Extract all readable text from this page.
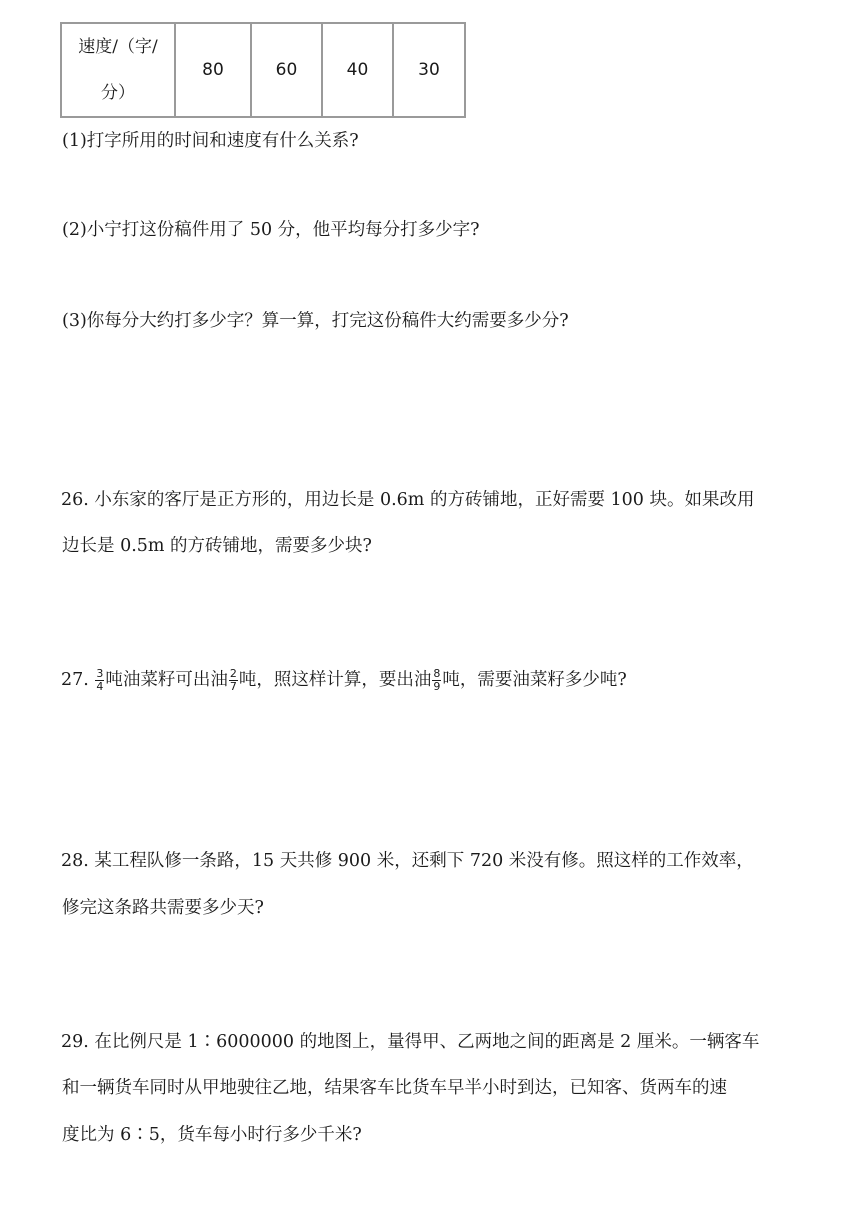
速度/（字/
分）	80	60	40	30
(1)打字所用的时间和速度有什么关系?
(2)小宁打这份稿件用了 50 分，他平均每分打多少字?
(3)你每分大约打多少字？算一算，打完这份稿件大约需要多少分?
26. 小东家的客厅是正方形的，用边长是 0.6m 的方砖铺地，正好需要 100 块。如果改用
边长是 0.5m 的方砖铺地，需要多少块?
27. $\frac{3}{4}$ 吨油菜籽可出油 $\frac{2}{7}$ 吨，照这样计算，要出油 $\frac{8}{9}$ 吨，需要油菜籽多少吨?
28. 某工程队修一条路，15 天共修 900 米，还剩下 720 米没有修。照这样的工作效率，
修完这条路共需要多少天?
29. 在比例尺是 1∶6000000 的地图上，量得甲、乙两地之间的距离是 2 厘米。一辆客车
和一辆货车同时从甲地驶往乙地，结果客车比货车早半小时到达，已知客、货两车的速
度比为 6∶5，货车每小时行多少千米?
